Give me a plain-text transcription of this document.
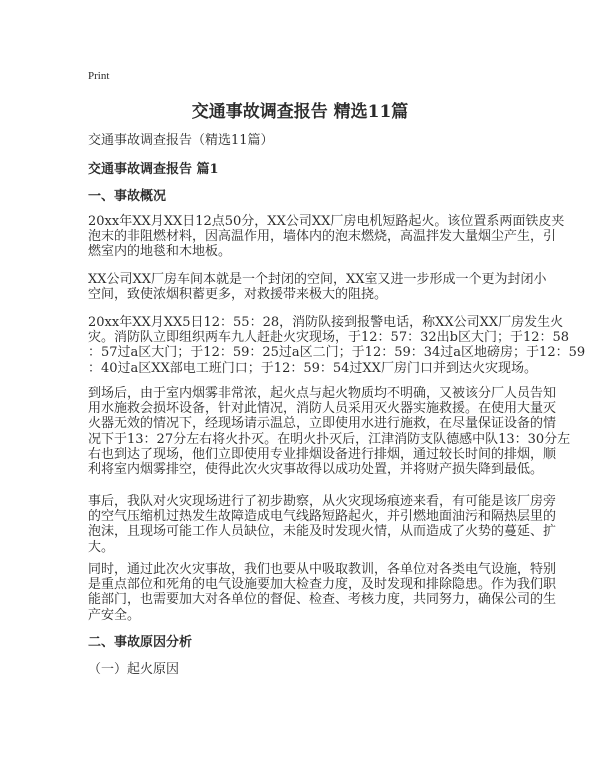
Print
交通事故调查报告 精选11篇
交通事故调查报告（精选11篇）
交通事故调查报告 篇1
一、事故概况
20xx年XX月XX日12点50分，XX公司XX厂房电机短路起火。该位置系两面铁皮夹
泡末的非阻燃材料，因高温作用，墙体内的泡末燃烧，高温拌发大量烟尘产生，引
燃室内的地毯和木地板。
XX公司XX厂房车间本就是一个封闭的空间，XX室又进一步形成一个更为封闭小
空间，致使浓烟积蓄更多，对救援带来极大的阻挠。
20xx年XX月XX5日12：55：28，消防队接到报警电话，称XX公司XX厂房发生火
灾。消防队立即组织两车九人赶赴火灾现场，于12：57：32出b区大门；于12：58
：57过a区大门；于12：59：25过a区二门；于12：59：34过a区地磅房；于12：59
：40过a区XX部电工班门口；于12：59：54过XX厂房门口并到达火灾现场。
到场后，由于室内烟雾非常浓，起火点与起火物质均不明确，又被该分厂人员告知
用水施救会损坏设备，针对此情况，消防人员采用灭火器实施救援。在使用大量灭
火器无效的情况下，经现场请示温总，立即使用水进行施救，在尽量保证设备的情
况下于13：27分左右将火扑灭。在明火扑灭后，江津消防支队德感中队13：30分左
右也到达了现场，他们立即使用专业排烟设备进行排烟，通过较长时间的排烟，顺
利将室内烟雾排空，使得此次火灾事故得以成功处置，并将财产损失降到最低。
事后，我队对火灾现场进行了初步勘察，从火灾现场痕迹来看，有可能是该厂房旁
的空气压缩机过热发生故障造成电气线路短路起火，并引燃地面油污和隔热层里的
泡沫，且现场可能工作人员缺位，未能及时发现火情，从而造成了火势的蔓延、扩
大。
同时，通过此次火灾事故，我们也要从中吸取教训，各单位对各类电气设施，特别
是重点部位和死角的电气设施要加大检查力度，及时发现和排除隐患。作为我们职
能部门，也需要加大对各单位的督促、检查、考核力度，共同努力，确保公司的生
产安全。
二、事故原因分析
（一）起火原因
